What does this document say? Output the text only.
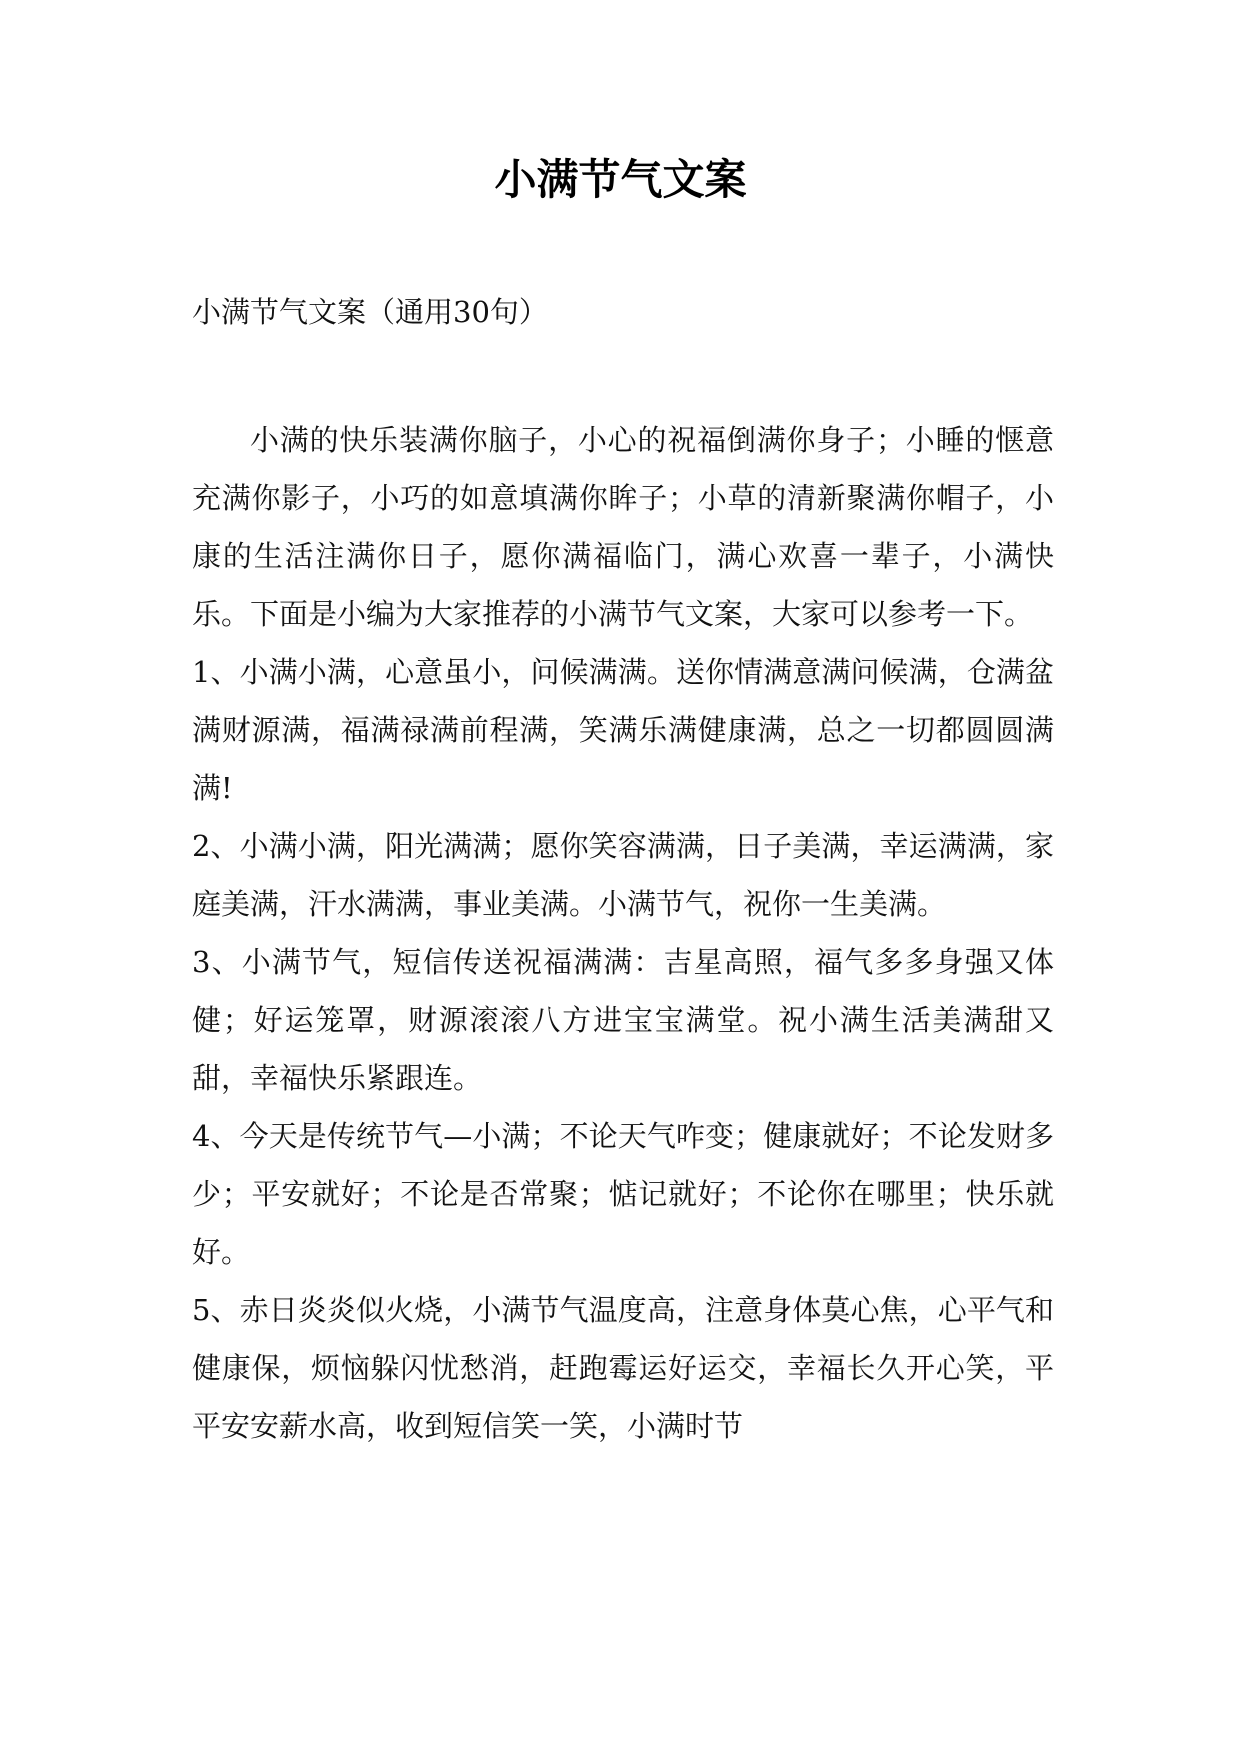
小满节气文案

小满节气文案（通用30句）

小满的快乐装满你脑子，小心的祝福倒满你身子；小睡的惬意充满你影子，小巧的如意填满你眸子；小草的清新聚满你帽子，小康的生活注满你日子，愿你满福临门，满心欢喜一辈子，小满快乐。下面是小编为大家推荐的小满节气文案，大家可以参考一下。

1、小满小满，心意虽小，问候满满。送你情满意满问候满，仓满盆满财源满，福满禄满前程满，笑满乐满健康满，总之一切都圆圆满满!

2、小满小满，阳光满满；愿你笑容满满，日子美满，幸运满满，家庭美满，汗水满满，事业美满。小满节气，祝你一生美满。

3、小满节气，短信传送祝福满满：吉星高照，福气多多身强又体健；好运笼罩，财源滚滚八方进宝宝满堂。祝小满生活美满甜又甜，幸福快乐紧跟连。

4、今天是传统节气—小满；不论天气咋变；健康就好；不论发财多少；平安就好；不论是否常聚；惦记就好；不论你在哪里；快乐就好。

5、赤日炎炎似火烧，小满节气温度高，注意身体莫心焦，心平气和健康保，烦恼躲闪忧愁消，赶跑霉运好运交，幸福长久开心笑，平平安安薪水高，收到短信笑一笑，小满时节
